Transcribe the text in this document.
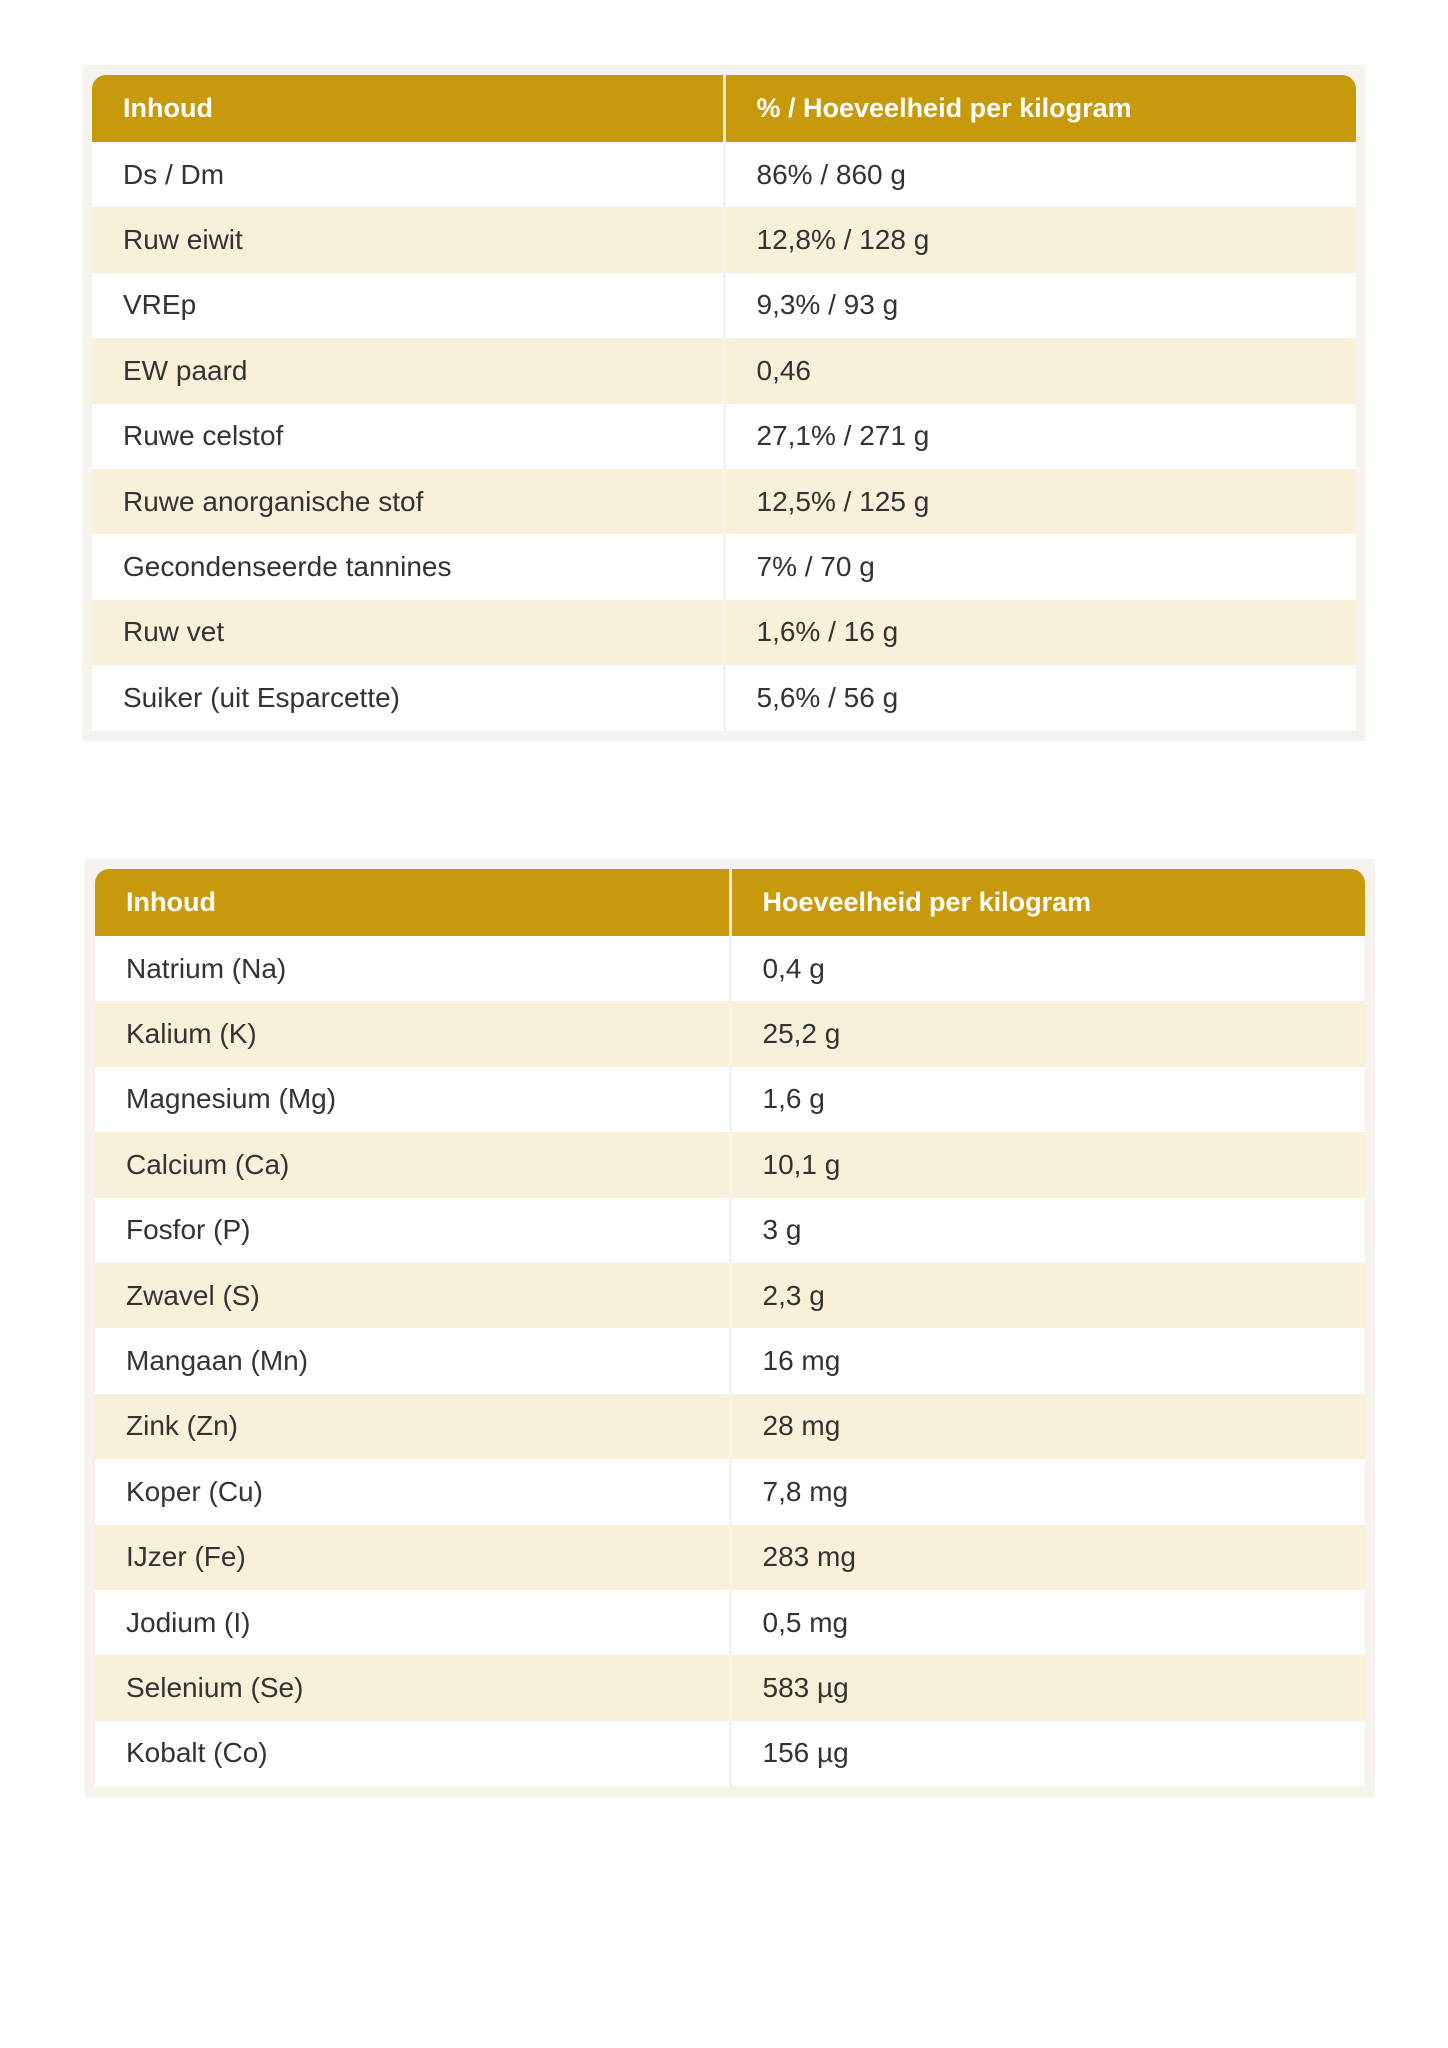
Inhoud	% / Hoeveelheid per kilogram
Ds / Dm	86% / 860 g
Ruw eiwit	12,8% / 128 g
VREp	9,3% / 93 g
EW paard	0,46
Ruwe celstof	27,1% / 271 g
Ruwe anorganische stof	12,5% / 125 g
Gecondenseerde tannines	7% / 70 g
Ruw vet	1,6% / 16 g
Suiker (uit Esparcette)	5,6% / 56 g
Inhoud	Hoeveelheid per kilogram
Natrium (Na)	0,4 g
Kalium (K)	25,2 g
Magnesium (Mg)	1,6 g
Calcium (Ca)	10,1 g
Fosfor (P)	3 g
Zwavel (S)	2,3 g
Mangaan (Mn)	16 mg
Zink (Zn)	28 mg
Koper (Cu)	7,8 mg
IJzer (Fe)	283 mg
Jodium (I)	0,5 mg
Selenium (Se)	583 µg
Kobalt (Co)	156 µg
